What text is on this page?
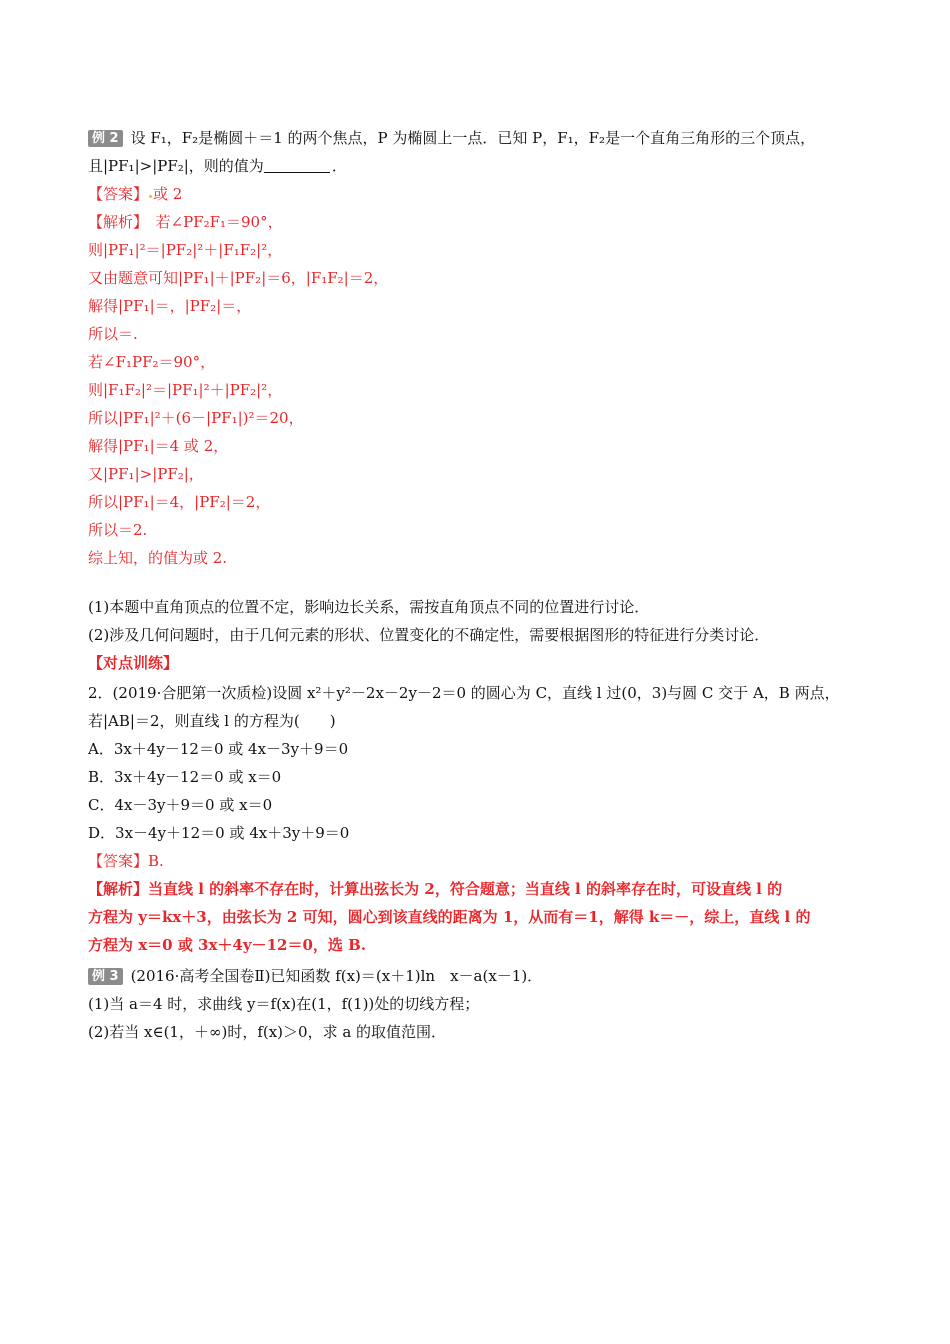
例 2 设 F₁，F₂是椭圆＋＝1 的两个焦点，P 为椭圆上一点．已知 P，F₁，F₂是一个直角三角形的三个顶点，
且|PF₁|>|PF₂|，则的值为	．
【答案】 或 2
【解析】　若∠PF₂F₁＝90°，
则|PF₁|²＝|PF₂|²＋|F₁F₂|²，
又由题意可知|PF₁|＋|PF₂|＝6，|F₁F₂|＝2，
解得|PF₁|＝，|PF₂|＝，
所以＝.
若∠F₁PF₂＝90°，
则|F₁F₂|²＝|PF₁|²＋|PF₂|²，
所以|PF₁|²＋(6－|PF₁|)²＝20，
解得|PF₁|＝4 或 2，
又|PF₁|>|PF₂|，
所以|PF₁|＝4，|PF₂|＝2，
所以＝2.
综上知，的值为或 2.
(1)本题中直角顶点的位置不定，影响边长关系，需按直角顶点不同的位置进行讨论．
(2)涉及几何问题时，由于几何元素的形状、位置变化的不确定性，需要根据图形的特征进行分类讨论．
【对点训练】
2．(2019·合肥第一次质检)设圆 x²＋y²－2x－2y－2＝0 的圆心为 C，直线 l 过(0，3)与圆 C 交于 A，B 两点，
若|AB|＝2，则直线 l 的方程为(　　)
A．3x＋4y－12＝0 或 4x－3y＋9＝0
B．3x＋4y－12＝0 或 x＝0
C．4x－3y＋9＝0 或 x＝0
D．3x－4y＋12＝0 或 4x＋3y＋9＝0
【答案】B.
【解析】当直线 l 的斜率不存在时，计算出弦长为 2，符合题意；当直线 l 的斜率存在时，可设直线 l 的
方程为 y＝kx＋3，由弦长为 2 可知，圆心到该直线的距离为 1，从而有＝1，解得 k＝－，综上，直线 l 的
方程为 x＝0 或 3x＋4y－12＝0，选 B.
例 3 (2016·高考全国卷Ⅱ)已知函数 f(x)＝(x＋1)ln　x－a(x－1)．
(1)当 a＝4 时，求曲线 y＝f(x)在(1，f(1))处的切线方程；
(2)若当 x∈(1，＋∞)时，f(x)＞0，求 a 的取值范围．
